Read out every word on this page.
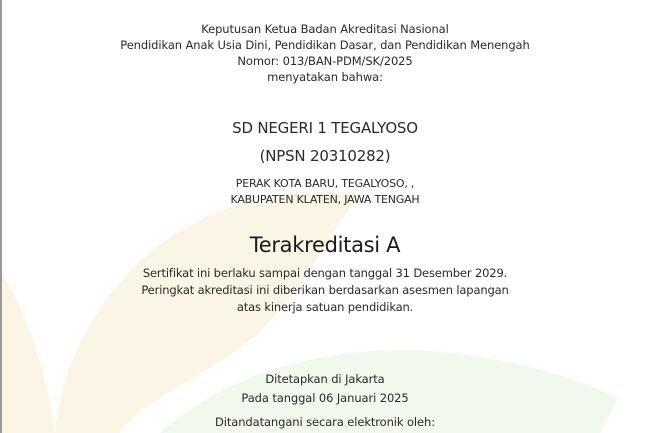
Keputusan Ketua Badan Akreditasi Nasional
Pendidikan Anak Usia Dini, Pendidikan Dasar, dan Pendidikan Menengah
Nomor: 013/BAN-PDM/SK/2025
menyatakan bahwa:
SD NEGERI 1 TEGALYOSO
(NPSN 20310282)
PERAK KOTA BARU, TEGALYOSO, ,
KABUPATEN KLATEN, JAWA TENGAH
Terakreditasi A
Sertifikat ini berlaku sampai dengan tanggal 31 Desember 2029.
Peringkat akreditasi ini diberikan berdasarkan asesmen lapangan
atas kinerja satuan pendidikan.
Ditetapkan di Jakarta
Pada tanggal 06 Januari 2025
Ditandatangani secara elektronik oleh:
